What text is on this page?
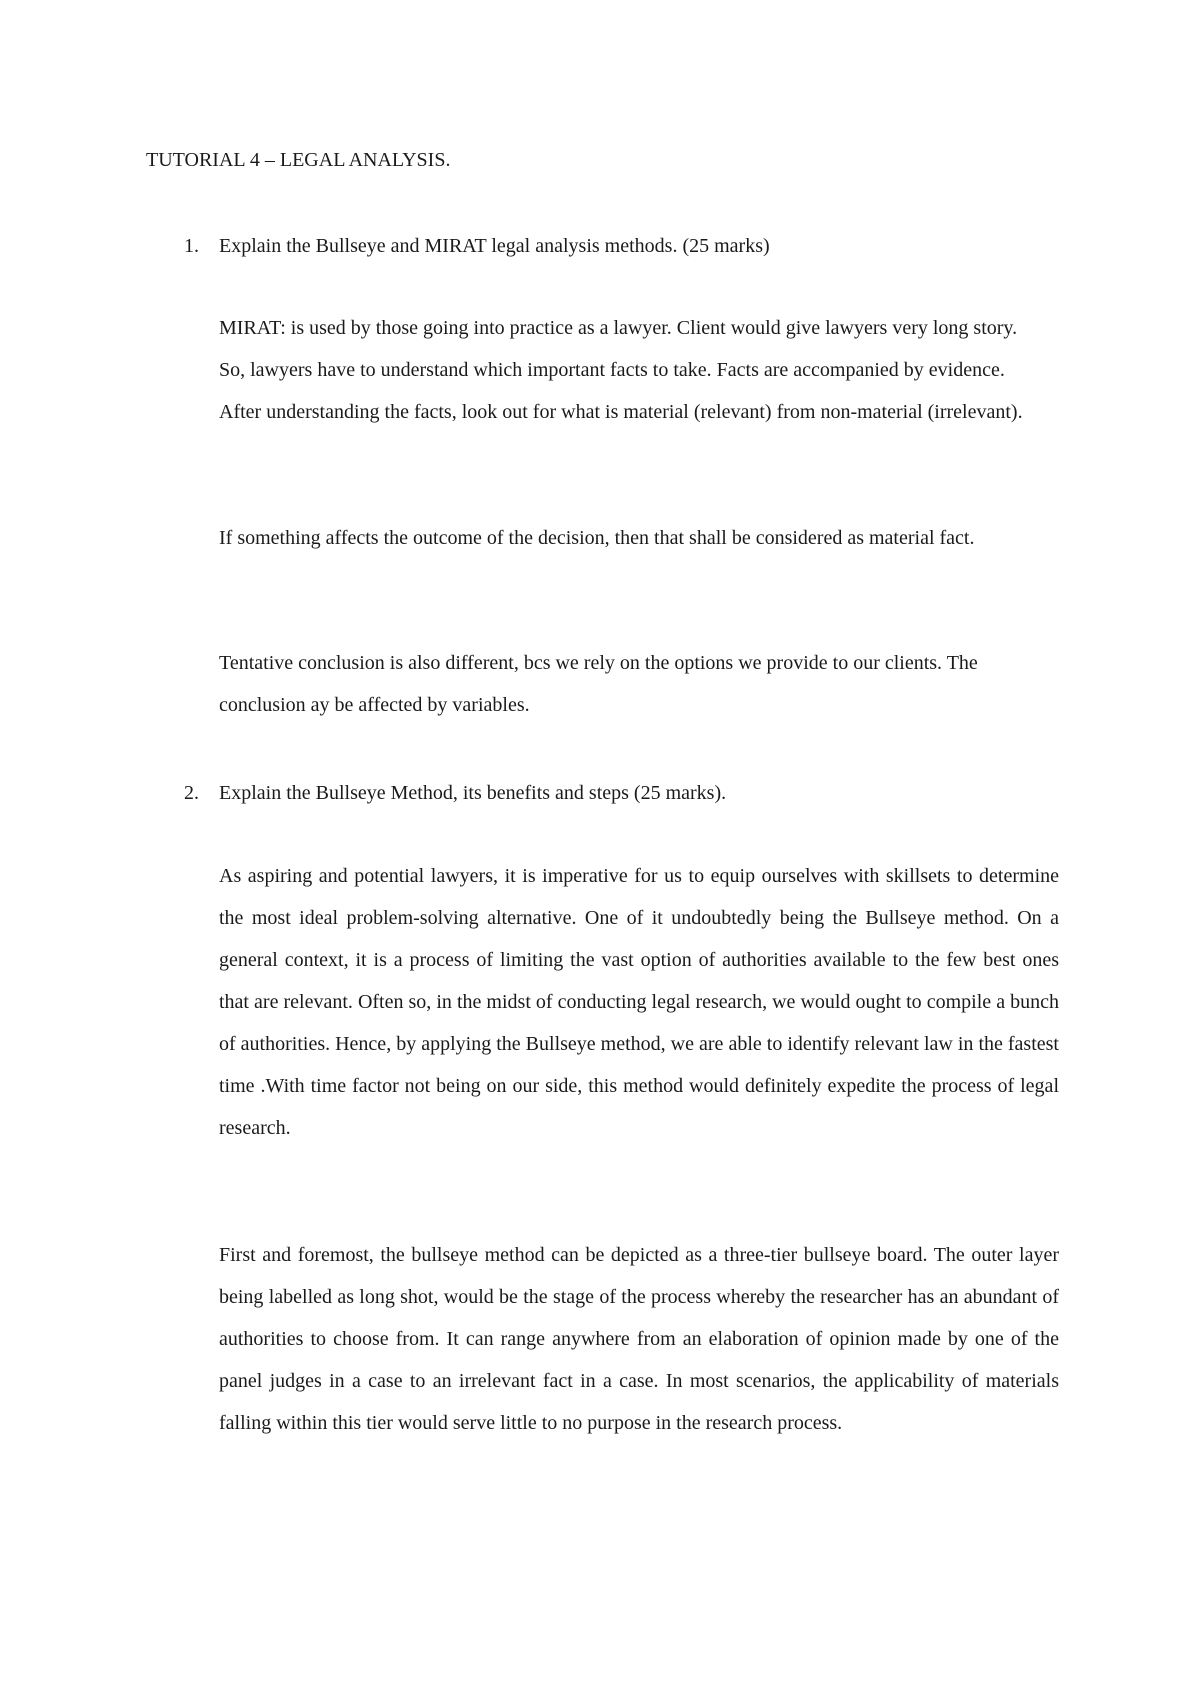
TUTORIAL 4 – LEGAL ANALYSIS.
1. Explain the Bullseye and MIRAT legal analysis methods. (25 marks)

MIRAT: is used by those going into practice as a lawyer. Client would give lawyers very long story. So, lawyers have to understand which important facts to take. Facts are accompanied by evidence. After understanding the facts, look out for what is material (relevant) from non-material (irrelevant).

If something affects the outcome of the decision, then that shall be considered as material fact.

Tentative conclusion is also different, bcs we rely on the options we provide to our clients. The conclusion ay be affected by variables.

2. Explain the Bullseye Method, its benefits and steps (25 marks).

As aspiring and potential lawyers, it is imperative for us to equip ourselves with skillsets to determine the most ideal problem-solving alternative. One of it undoubtedly being the Bullseye method. On a general context, it is a process of limiting the vast option of authorities available to the few best ones that are relevant. Often so, in the midst of conducting legal research, we would ought to compile a bunch of authorities. Hence, by applying the Bullseye method, we are able to identify relevant law in the fastest time .With time factor not being on our side, this method would definitely expedite the process of legal research.

First and foremost, the bullseye method can be depicted as a three-tier bullseye board. The outer layer being labelled as long shot, would be the stage of the process whereby the researcher has an abundant of authorities to choose from. It can range anywhere from an elaboration of opinion made by one of the panel judges in a case to an irrelevant fact in a case. In most scenarios, the applicability of materials falling within this tier would serve little to no purpose in the research process.
